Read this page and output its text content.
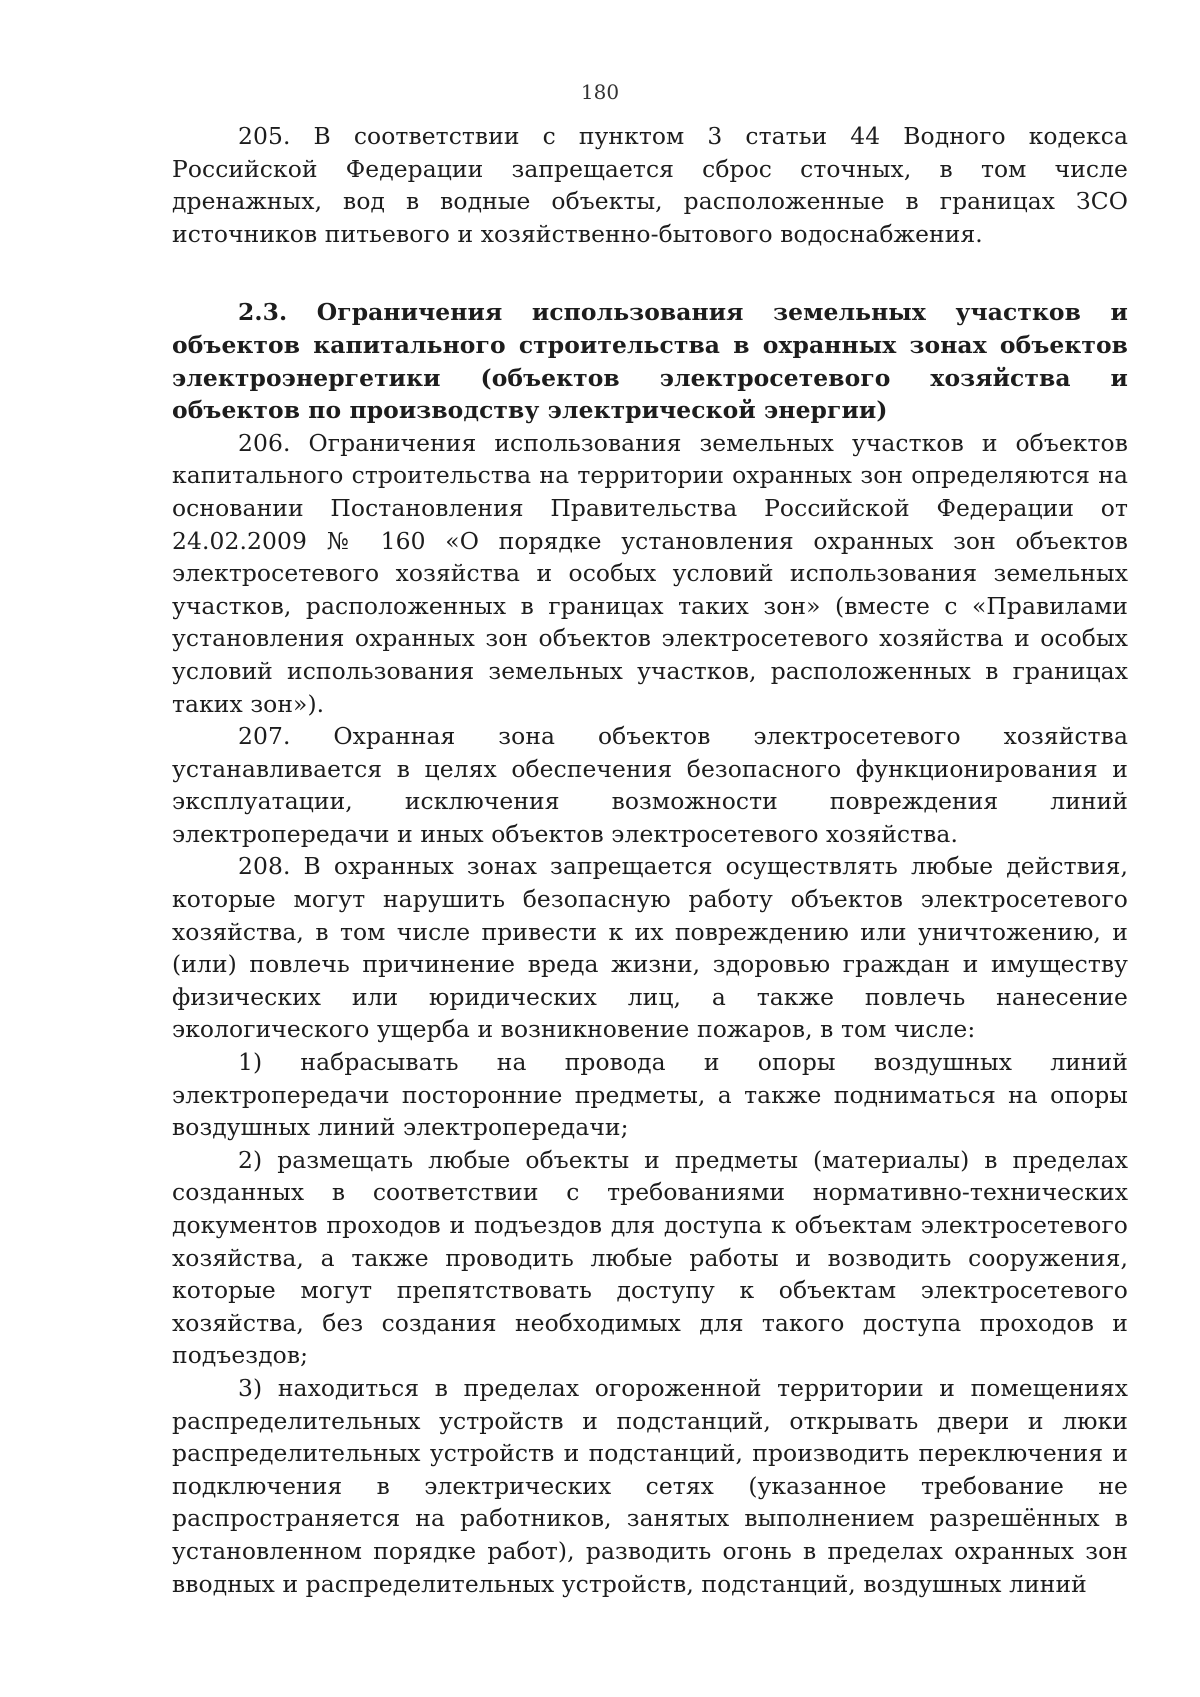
180

205. В соответствии с пунктом 3 статьи 44 Водного кодекса Российской Федерации запрещается сброс сточных, в том числе дренажных, вод в водные объекты, расположенные в границах ЗСО источников питьевого и хозяйственно-бытового водоснабжения.

2.3. Ограничения использования земельных участков и объектов капитального строительства в охранных зонах объектов электроэнергетики (объектов электросетевого хозяйства и объектов по производству электрической энергии)

206. Ограничения использования земельных участков и объектов капитального строительства на территории охранных зон определяются на основании Постановления Правительства Российской Федерации от 24.02.2009 № 160 «О порядке установления охранных зон объектов электросетевого хозяйства и особых условий использования земельных участков, расположенных в границах таких зон» (вместе с «Правилами установления охранных зон объектов электросетевого хозяйства и особых условий использования земельных участков, расположенных в границах таких зон»).

207. Охранная зона объектов электросетевого хозяйства устанавливается в целях обеспечения безопасного функционирования и эксплуатации, исключения возможности повреждения линий электропередачи и иных объектов электросетевого хозяйства.

208. В охранных зонах запрещается осуществлять любые действия, которые могут нарушить безопасную работу объектов электросетевого хозяйства, в том числе привести к их повреждению или уничтожению, и (или) повлечь причинение вреда жизни, здоровью граждан и имуществу физических или юридических лиц, а также повлечь нанесение экологического ущерба и возникновение пожаров, в том числе:

1) набрасывать на провода и опоры воздушных линий электропередачи посторонние предметы, а также подниматься на опоры воздушных линий электропередачи;

2) размещать любые объекты и предметы (материалы) в пределах созданных в соответствии с требованиями нормативно-технических документов проходов и подъездов для доступа к объектам электросетевого хозяйства, а также проводить любые работы и возводить сооружения, которые могут препятствовать доступу к объектам электросетевого хозяйства, без создания необходимых для такого доступа проходов и подъездов;

3) находиться в пределах огороженной территории и помещениях распределительных устройств и подстанций, открывать двери и люки распределительных устройств и подстанций, производить переключения и подключения в электрических сетях (указанное требование не распространяется на работников, занятых выполнением разрешённых в установленном порядке работ), разводить огонь в пределах охранных зон вводных и распределительных устройств, подстанций, воздушных линий
